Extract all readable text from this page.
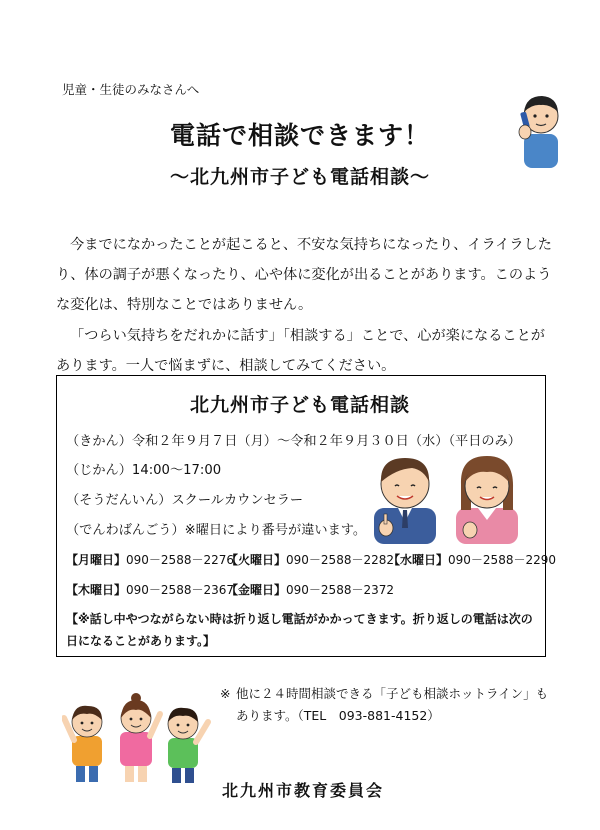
児童・生徒のみなさんへ
電話で相談できます！
～北九州市子ども電話相談～
今までになかったことが起こると、不安な気持ちになったり、イライラしたり、体の調子が悪くなったり、心や体に変化が出ることがあります。このような変化は、特別なことではありません。
「つらい気持ちをだれかに話す」「相談する」ことで、心が楽になることがあります。一人で悩まずに、相談してみてください。
北九州市子ども電話相談
（きかん）令和２年９月７日（月）～令和２年９月３０日（水）（平日のみ）
（じかん）14:00～17:00
（そうだんいん）スクールカウンセラー
（でんわばんごう）※曜日により番号が違います。
【月曜日】090－2588－2276
【火曜日】090－2588－2282
【水曜日】090－2588－2290
【木曜日】090－2588－2367
【金曜日】090－2588－2372
【※話し中やつながらない時は折り返し電話がかかってきます。折り返しの電話は次の日になることがあります。】
※ 他に２４時間相談できる「子ども相談ホットライン」もあります。（TEL　093-881-4152）
北九州市教育委員会
